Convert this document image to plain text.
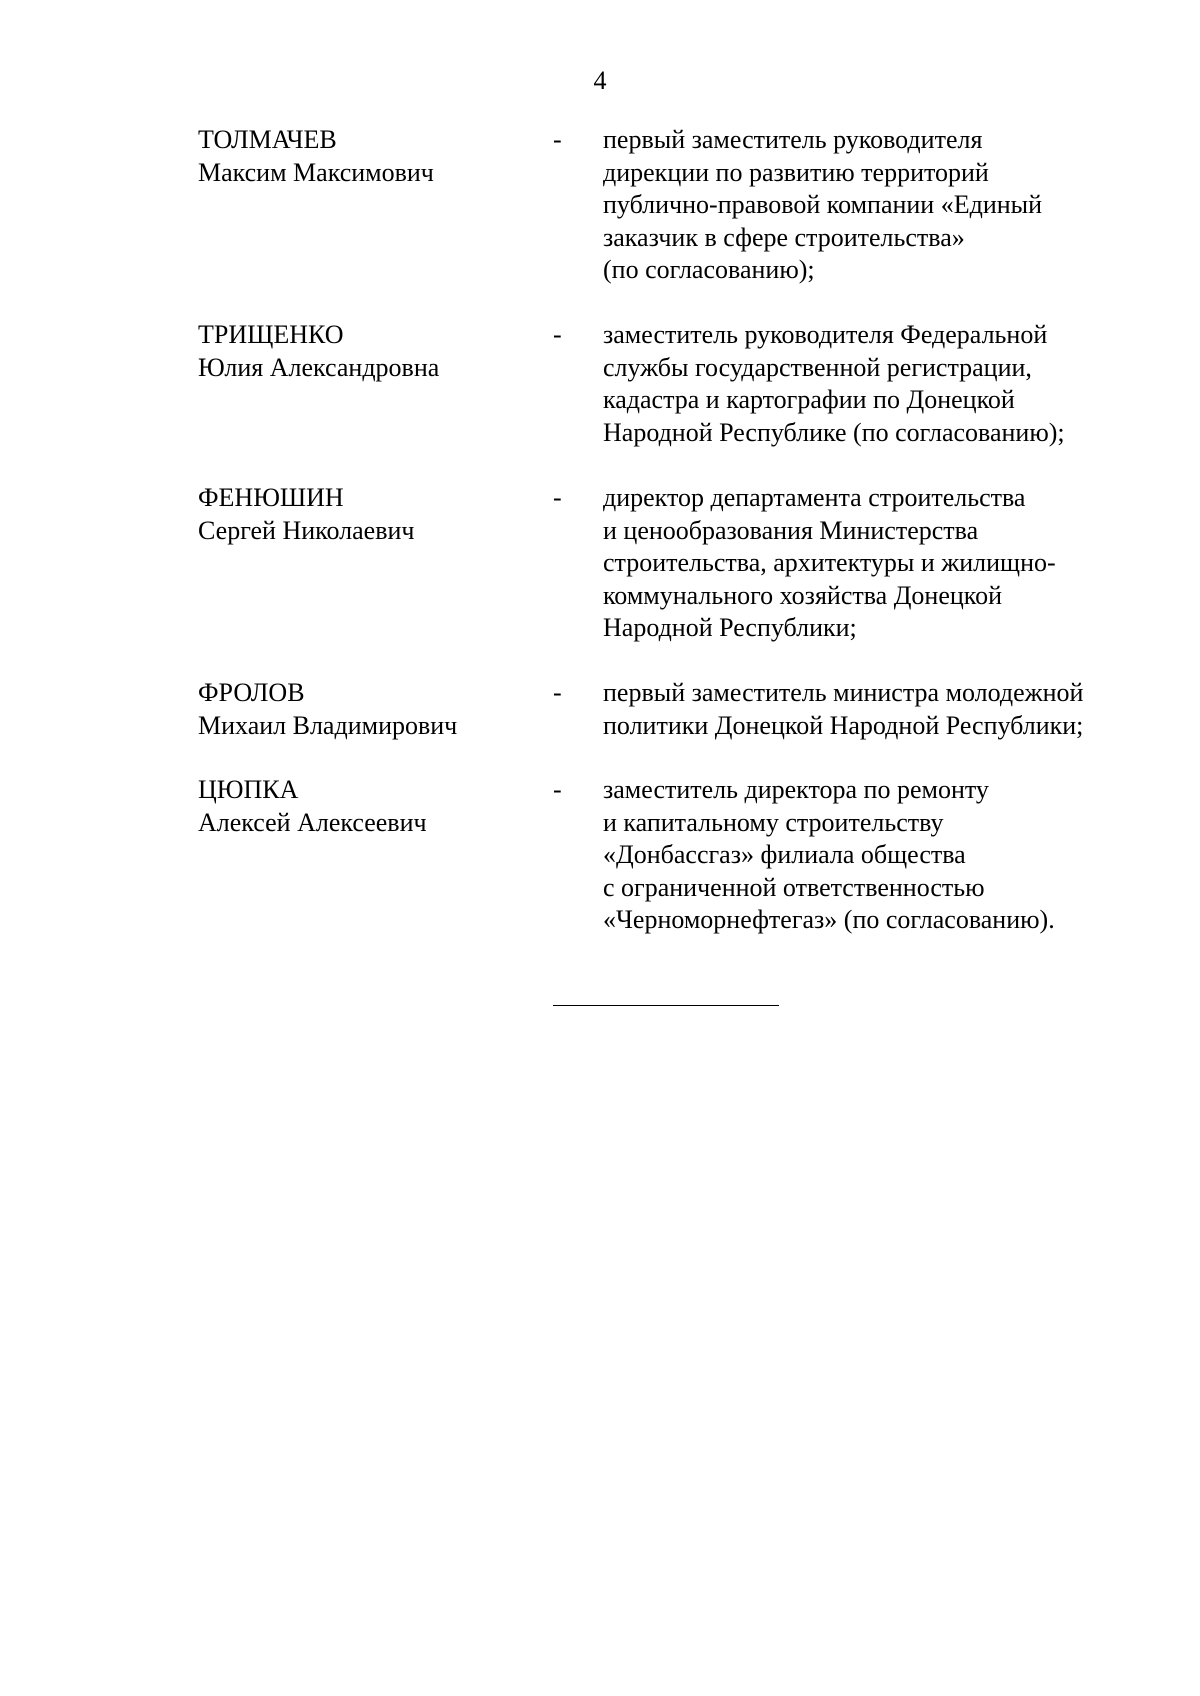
4
ТОЛМАЧЕВ
Максим Максимович
- первый заместитель руководителя
дирекции по развитию территорий
публично-правовой компании «Единый
заказчик в сфере строительства»
(по согласованию);
ТРИЩЕНКО
Юлия Александровна
- заместитель руководителя Федеральной
службы государственной регистрации,
кадастра и картографии по Донецкой
Народной Республике (по согласованию);
ФЕНЮШИН
Сергей Николаевич
- директор департамента строительства
и ценообразования Министерства
строительства, архитектуры и жилищно-
коммунального хозяйства Донецкой
Народной Республики;
ФРОЛОВ
Михаил Владимирович
- первый заместитель министра молодежной
политики Донецкой Народной Республики;
ЦЮПКА
Алексей Алексеевич
- заместитель директора по ремонту
и капитальному строительству
«Донбассгаз» филиала общества
с ограниченной ответственностью
«Черноморнефтегаз» (по согласованию).
